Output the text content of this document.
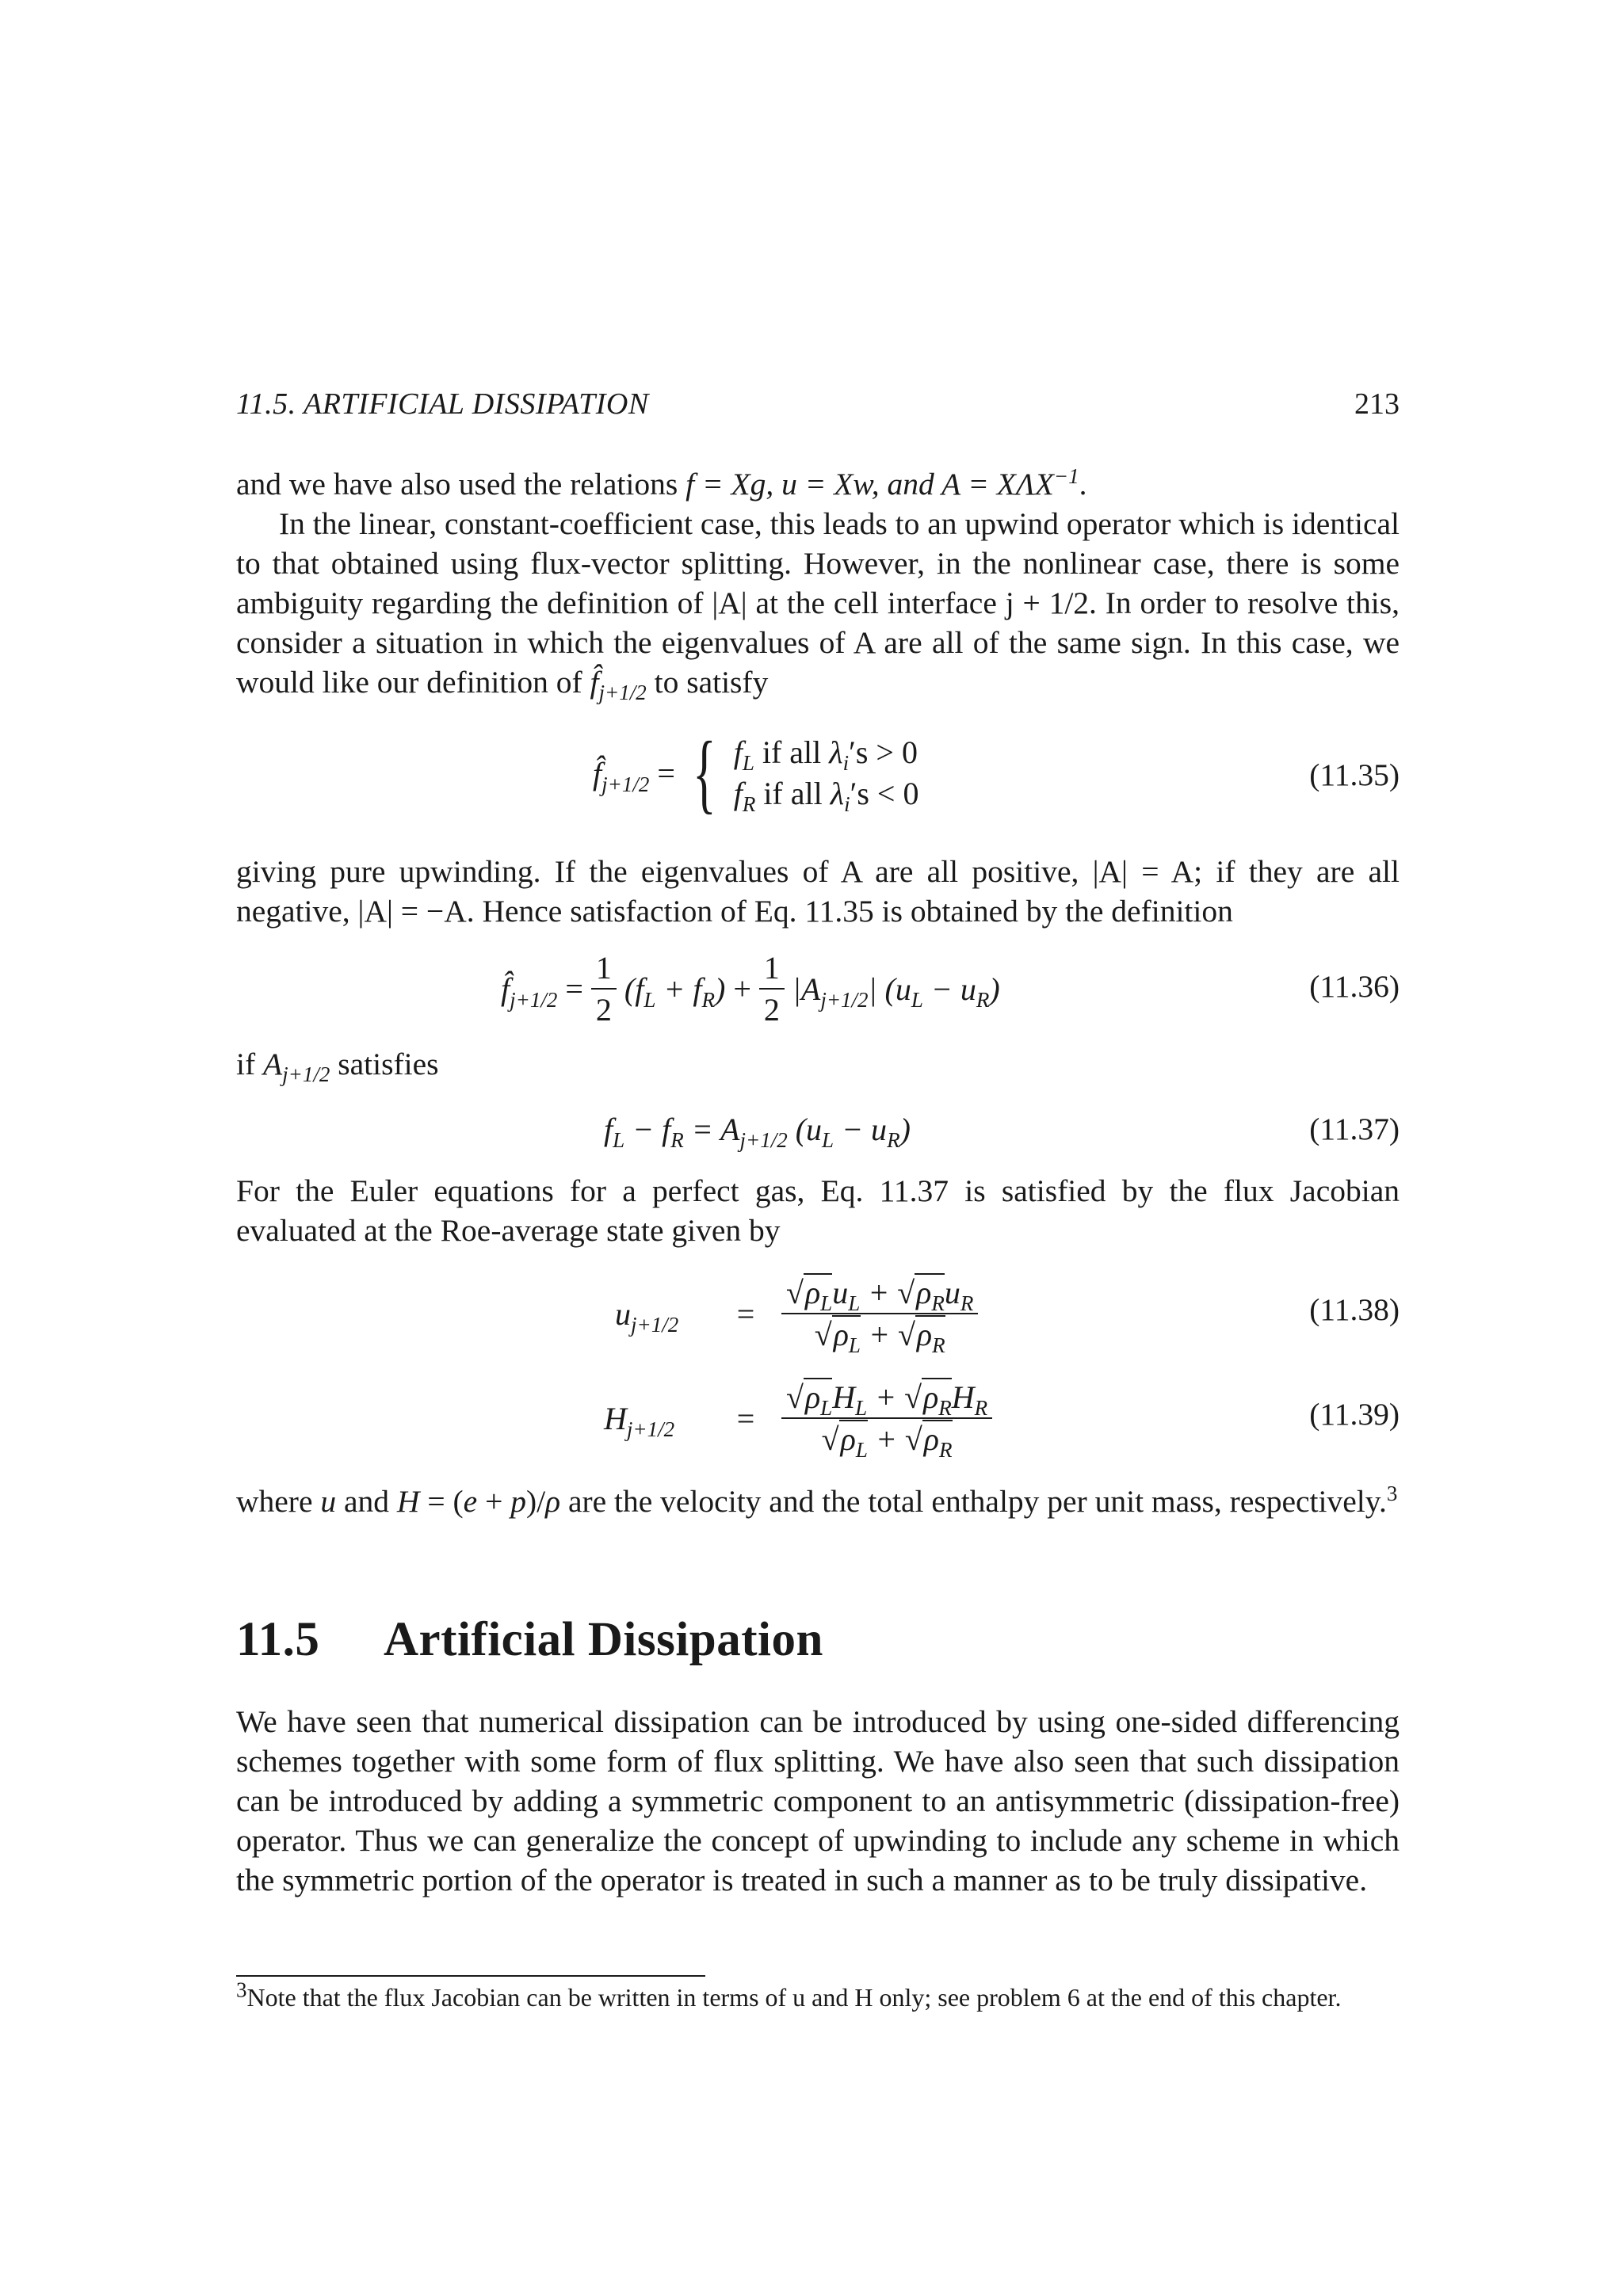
11.5. ARTIFICIAL DISSIPATION	213
and we have also used the relations f = Xg, u = Xw, and $A = X\Lambda X^{-1}$.
In the linear, constant-coefficient case, this leads to an upwind operator which is identical to that obtained using flux-vector splitting. However, in the nonlinear case, there is some ambiguity regarding the definition of |A| at the cell interface j + 1/2. In order to resolve this, consider a situation in which the eigenvalues of A are all of the same sign. In this case, we would like our definition of $f̂_{j+1/2}$ to satisfy
$f̂_{j+1/2}$ = { $f_L$ if all $\lambda_i's > 0$
$f_R$ if all $\lambda_i's < 0$
(11.35)
giving pure upwinding. If the eigenvalues of A are all positive, |A| = A; if they are all negative, |A| = −A. Hence satisfaction of Eq. 11.35 is obtained by the definition
$f̂_{j+1/2} = \frac{1}{2} (f_L + f_R) + \frac{1}{2} |A_{j+1/2}|$ $(u_L - u_R)$	(11.36)
if $A_{j+1/2}$ satisfies
$f_L - f_R = A_{j+1/2}$ $(u_L - u_R)$	(11.37)
For the Euler equations for a perfect gas, Eq. 11.37 is satisfied by the flux Jacobian evaluated at the Roe-average state given by
$u_{j+1/2} = \frac{√\rho_Lu_L + √\rho_Ru_R}{√\rho_L + √\rho_R}$	(11.38)
$H_{j+1/2} = \frac{√\rho_LH_L + √\rho_RH_R}{√\rho_L + √\rho_R}$	(11.39)
where u and H = (e + p)/ρ are the velocity and the total enthalpy per unit mass, respectively.$^3$
11.5 Artificial Dissipation
We have seen that numerical dissipation can be introduced by using one-sided differencing schemes together with some form of flux splitting. We have also seen that such dissipation can be introduced by adding a symmetric component to an antisymmetric (dissipation-free) operator. Thus we can generalize the concept of upwinding to include any scheme in which the symmetric portion of the operator is treated in such a manner as to be truly dissipative.
$^3$Note that the flux Jacobian can be written in terms of u and H only; see problem 6 at the end of this chapter.
